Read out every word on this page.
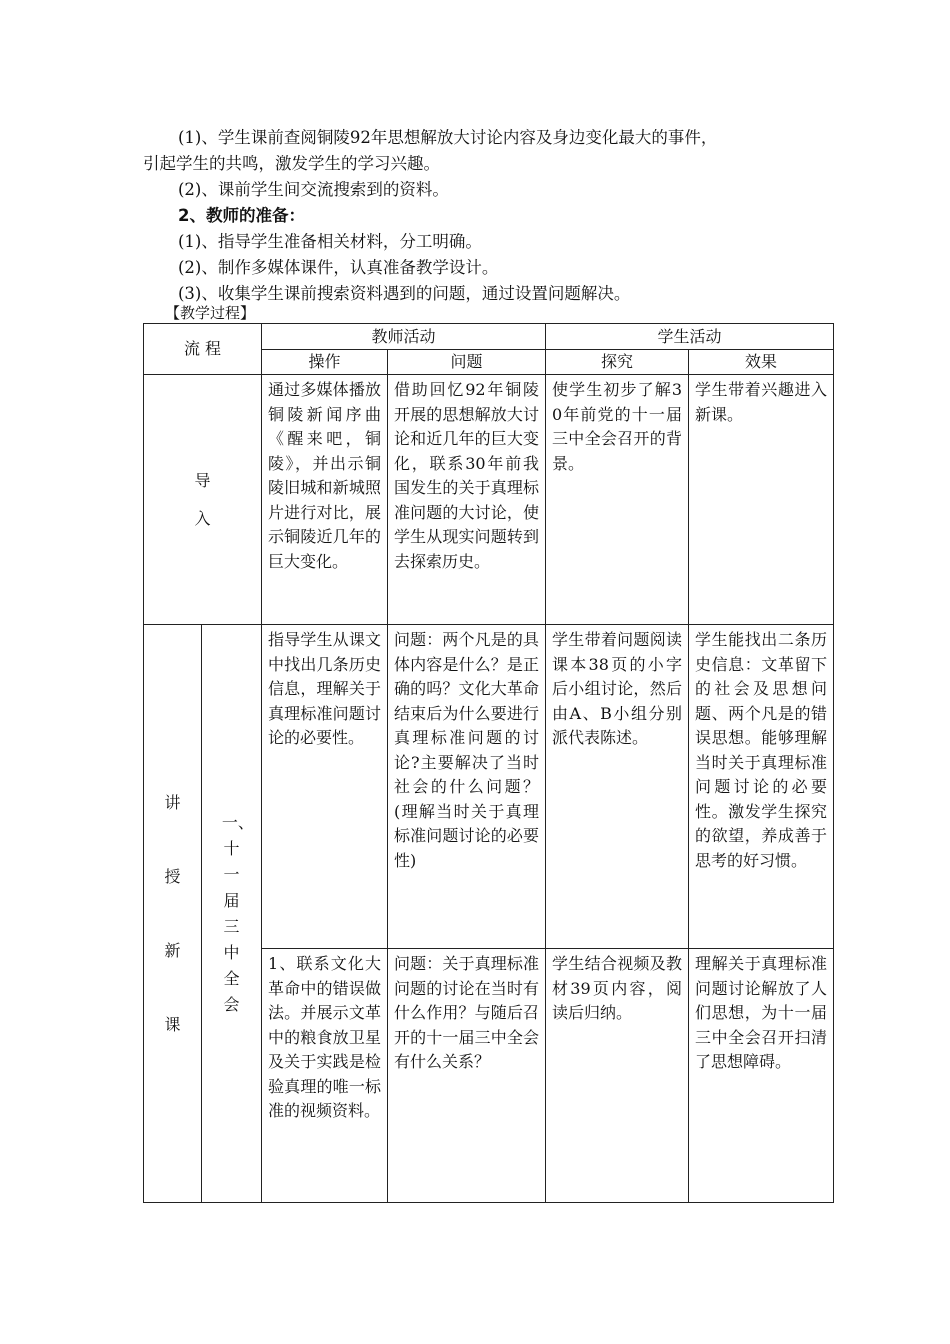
(1)、学生课前查阅铜陵92年思想解放大讨论内容及身边变化最大的事件，
引起学生的共鸣，激发学生的学习兴趣。
(2)、课前学生间交流搜索到的资料。
2、教师的准备：
(1)、指导学生准备相关材料，分工明确。
(2)、制作多媒体课件，认真准备教学设计。
(3)、收集学生课前搜索资料遇到的问题，通过设置问题解决。
【教学过程】
流 程		教师活动		学生活动	
		操作	问题	探究	效果
导入		通过多媒体播放铜陵新闻序曲《醒来吧，铜陵》，并出示铜陵旧城和新城照片进行对比，展示铜陵近几年的巨大变化。	借助回忆92年铜陵开展的思想解放大讨论和近几年的巨大变化，联系30年前我国发生的关于真理标准问题的大讨论，使学生从现实问题转到去探索历史。	使学生初步了解30年前党的十一届三中全会召开的背景。	学生带着兴趣进入新课。
讲授新课	一、十一届三中全会	指导学生从课文中找出几条历史信息，理解关于真理标准问题讨论的必要性。	问题：两个凡是的具体内容是什么？是正确的吗？文化大革命结束后为什么要进行真理标准问题的讨论?主要解决了当时社会的什么问题？(理解当时关于真理标准问题讨论的必要性)	学生带着问题阅读课本38页的小字后小组讨论，然后由A、B小组分别派代表陈述。	学生能找出二条历史信息：文革留下的社会及思想问题、两个凡是的错误思想。能够理解当时关于真理标准问题讨论的必要性。激发学生探究的欲望，养成善于思考的好习惯。
		1、联系文化大革命中的错误做法。并展示文革中的粮食放卫星及关于实践是检验真理的唯一标准的视频资料。	问题：关于真理标准问题的讨论在当时有什么作用？与随后召开的十一届三中全会有什么关系？	学生结合视频及教材39页内容，阅读后归纳。	理解关于真理标准问题讨论解放了人们思想，为十一届三中全会召开扫清了思想障碍。
